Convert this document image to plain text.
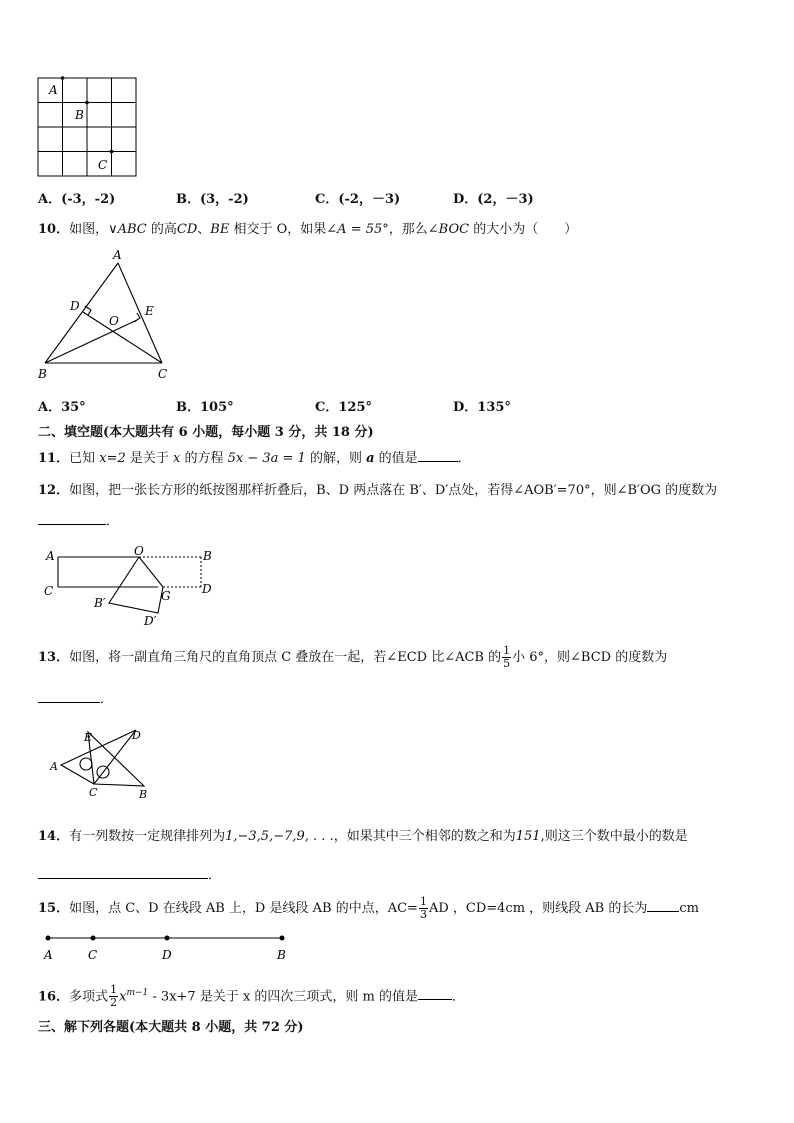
A
B
C
A．(-3，-2)	B．(3，-2)	C．(-2，－3)	D．(2，－3)
10．如图，∨ABC 的高CD、BE 相交于 O，如果∠A = 55°，那么∠BOC 的大小为（　　）
A
D
O
E
B	C
A．35°	B．105°	C．125°	D．135°
二、填空题(本大题共有 6 小题，每小题 3 分，共 18 分)
11．已知 x=2 是关于 x 的方程 5x − 3a = 1 的解，则 a 的值是	．
12．如图，把一张长方形的纸按图那样折叠后，B、D 两点落在 B′、D′点处，若得∠AOB′=70°，则∠B′OG 的度数为
．
A	O	B
C	G	D
B′
D′
13．如图，将一副直角三角尺的直角顶点 C 叠放在一起，若∠ECD 比∠ACB 的 $\frac{1}{5}$ 小 6°，则∠BCD 的度数为
．
E	D
A
C	B
14．有一列数按一定规律排列为1,−3,5,−7,9, . . .，如果其中三个相邻的数之和为151,则这三个数中最小的数是
．
15．如图，点 C、D 在线段 AB 上，D 是线段 AB 的中点，$AC= \frac{1}{3}$ AD ，CD=4cm ，则线段 AB 的长为 cm
A	C	D	B
16．多项式 $\frac{1}{2} x^{m-1} - 3x+7$ 是关于 x 的四次三项式，则 m 的值是	．
三、解下列各题(本大题共 8 小题，共 72 分)
